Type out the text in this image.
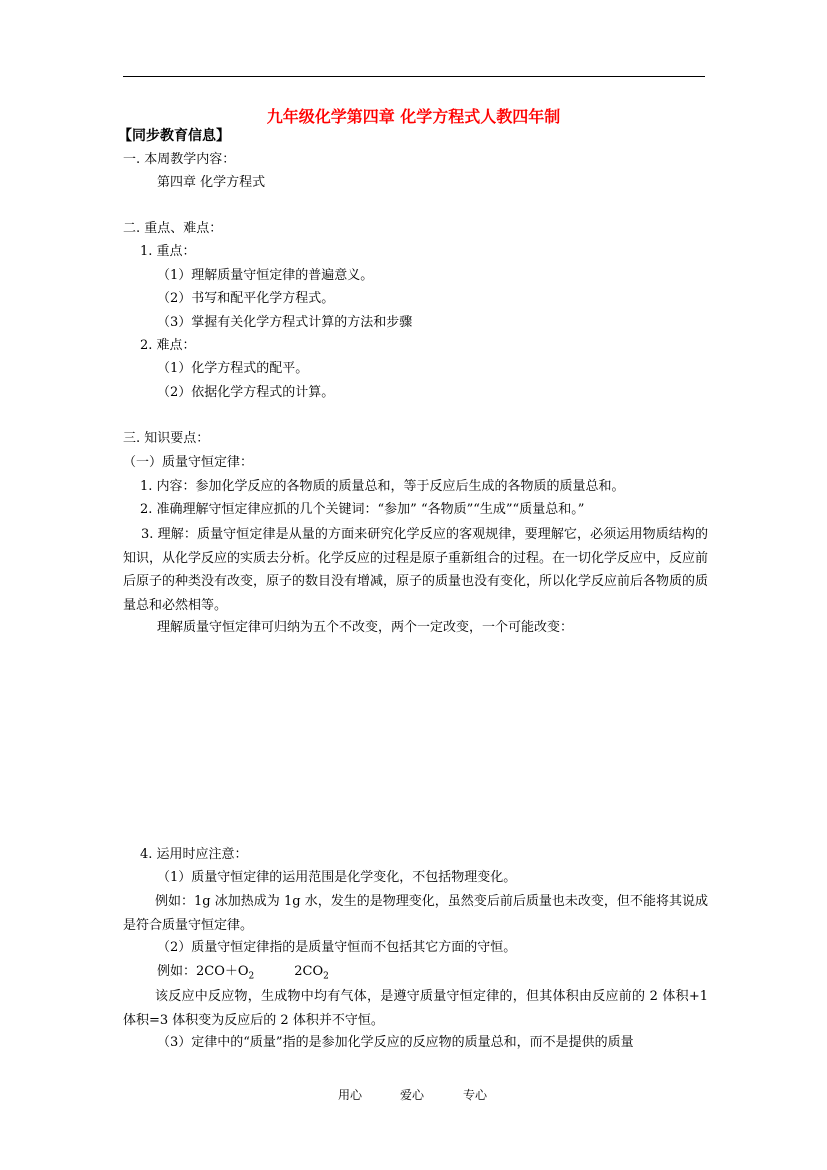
九年级化学第四章 化学方程式人教四年制
【同步教育信息】
一. 本周教学内容：
第四章 化学方程式
二. 重点、难点：
1. 重点：
（1）理解质量守恒定律的普遍意义。
（2）书写和配平化学方程式。
（3）掌握有关化学方程式计算的方法和步骤
2. 难点：
（1）化学方程式的配平。
（2）依据化学方程式的计算。
三. 知识要点：
（一）质量守恒定律：
1. 内容：参加化学反应的各物质的质量总和，等于反应后生成的各物质的质量总和。
2. 准确理解守恒定律应抓的几个关键词：“参加” “各物质”“生成”“质量总和。”
3. 理解：质量守恒定律是从量的方面来研究化学反应的客观规律，要理解它，必须运用物质结构的知识，从化学反应的实质去分析。化学反应的过程是原子重新组合的过程。在一切化学反应中，反应前后原子的种类没有改变，原子的数目没有增减，原子的质量也没有变化，所以化学反应前后各物质的质量总和必然相等。
理解质量守恒定律可归纳为五个不改变，两个一定改变，一个可能改变：
4. 运用时应注意：
（1）质量守恒定律的运用范围是化学变化，不包括物理变化。
例如：1g 冰加热成为 1g 水，发生的是物理变化，虽然变后前后质量也未改变，但不能将其说成是符合质量守恒定律。
（2）质量守恒定律指的是质量守恒而不包括其它方面的守恒。
例如：$2CO+O_2$	$2CO_2$
该反应中反应物，生成物中均有气体，是遵守质量守恒定律的，但其体积由反应前的 2 体积+1 体积=3 体积变为反应后的 2 体积并不守恒。
（3）定律中的“质量”指的是参加化学反应的反应物的质量总和，而不是提供的质量
用心	爱心	专心
